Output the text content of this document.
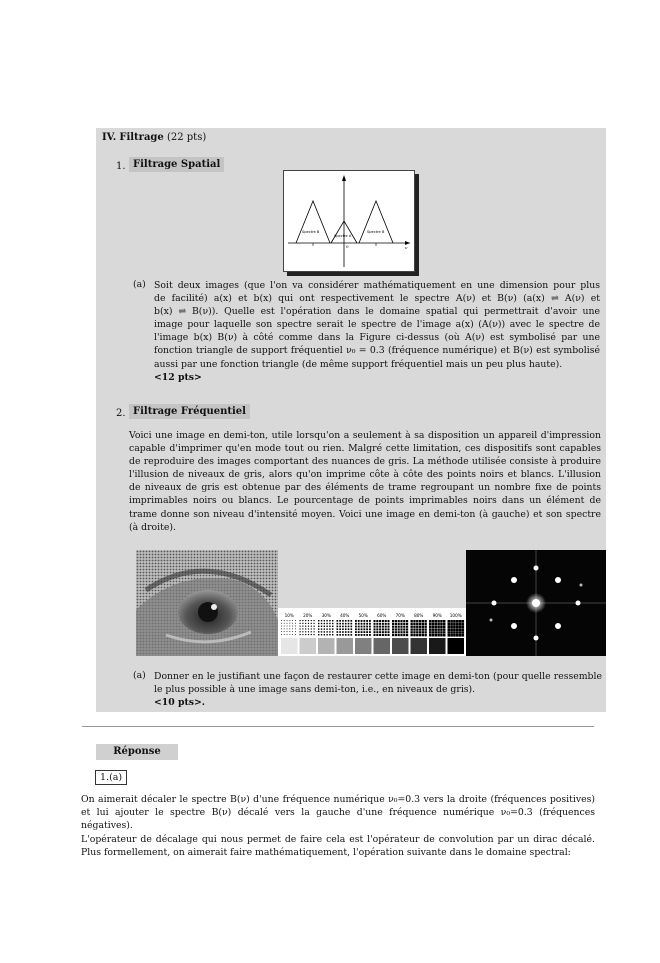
IV. Filtrage (22 pts)
1. Filtrage Spatial
Spectre B
Spectre A
Spectre B
0	ν
(a) Soit deux images (que l'on va considérer mathématiquement en une dimension pour plus
de facilité) a(x) et b(x) qui ont respectivement le spectre A(ν) et B(ν) (a(x) ⇌ A(ν) et
b(x) ⇌ B(ν)). Quelle est l'opération dans le domaine spatial qui permettrait d'avoir une
image pour laquelle son spectre serait le spectre de l'image a(x) (A(ν)) avec le spectre de
l'image b(x) B(ν) à côté comme dans la Figure ci-dessus (où A(ν) est symbolisé par une
fonction triangle de support fréquentiel ν₀ = 0.3 (fréquence numérique) et B(ν) est symbolisé
aussi par une fonction triangle (de même support fréquentiel mais un peu plus haute).
<12 pts>
2. Filtrage Fréquentiel
Voici une image en demi-ton, utile lorsqu'on a seulement à sa disposition un appareil d'impression
capable d'imprimer qu'en mode tout ou rien. Malgré cette limitation, ces dispositifs sont capables
de reproduire des images comportant des nuances de gris. La méthode utilisée consiste à produire
l'illusion de niveaux de gris, alors qu'on imprime côte à côte des points noirs et blancs. L'illusion
de niveaux de gris est obtenue par des éléments de trame regroupant un nombre fixe de points
imprimables noirs ou blancs. Le pourcentage de points imprimables noirs dans un élément de
trame donne son niveau d'intensité moyen. Voici une image en demi-ton (à gauche) et son spectre
(à droite).
10% 20% 30% 40% 50% 60% 70% 80% 90% 100%
(a) Donner en le justifiant une façon de restaurer cette image en demi-ton (pour quelle ressemble
le plus possible à une image sans demi-ton, i.e., en niveaux de gris).
<10 pts>.
Réponse
1.(a)
On aimerait décaler le spectre B(ν) d'une fréquence numérique ν₀=0.3 vers la droite (fréquences positives)
et lui ajouter le spectre B(ν) décalé vers la gauche d'une fréquence numérique ν₀=0.3 (fréquences négatives).
L'opérateur de décalage qui nous permet de faire cela est l'opérateur de convolution par un dirac décalé.
Plus formellement, on aimerait faire mathématiquement, l'opération suivante dans le domaine spectral:
